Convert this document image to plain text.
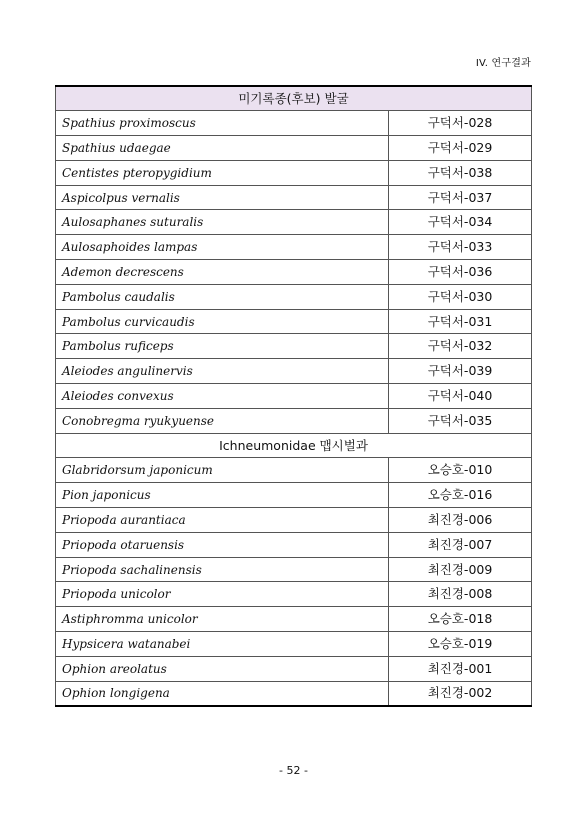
IV. 연구결과
미기록종(후보) 발굴	
Spathius proximoscus	구덕서-028
Spathius udaegae	구덕서-029
Centistes pteropygidium	구덕서-038
Aspicolpus vernalis	구덕서-037
Aulosaphanes suturalis	구덕서-034
Aulosaphoides lampas	구덕서-033
Ademon decrescens	구덕서-036
Pambolus caudalis	구덕서-030
Pambolus curvicaudis	구덕서-031
Pambolus ruficeps	구덕서-032
Aleiodes angulinervis	구덕서-039
Aleiodes convexus	구덕서-040
Conobregma ryukyuense	구덕서-035
Ichneumonidae 맵시벌과	
Glabridorsum japonicum	오승호-010
Pion japonicus	오승호-016
Priopoda aurantiaca	최진경-006
Priopoda otaruensis	최진경-007
Priopoda sachalinensis	최진경-009
Priopoda unicolor	최진경-008
Astiphromma unicolor	오승호-018
Hypsicera watanabei	오승호-019
Ophion areolatus	최진경-001
Ophion longigena	최진경-002
- 52 -
